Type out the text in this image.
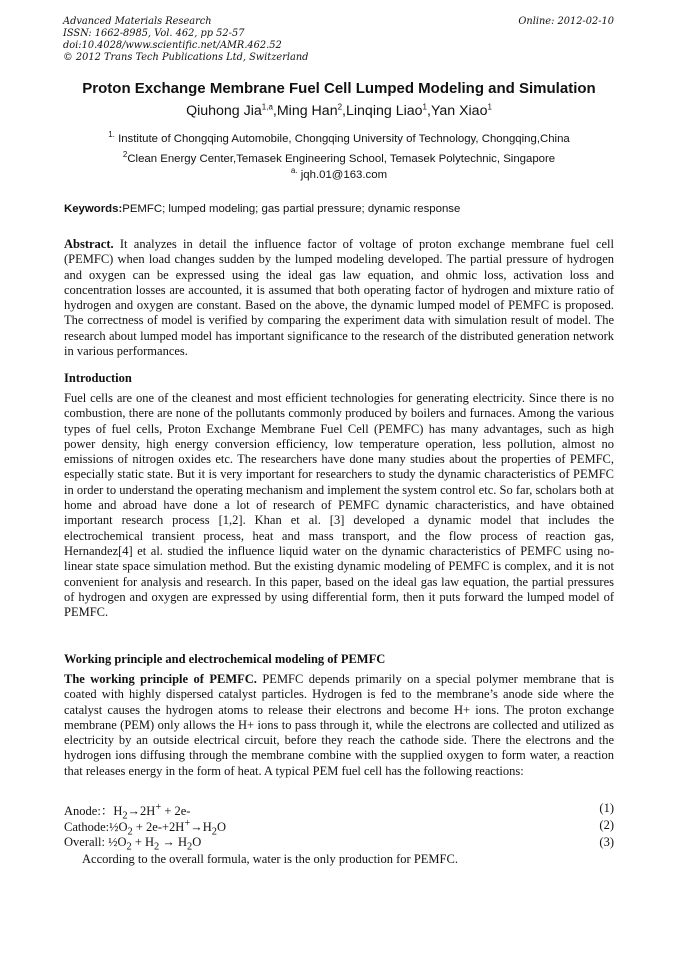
Advanced Materials Research
ISSN: 1662-8985, Vol. 462, pp 52-57
doi:10.4028/www.scientific.net/AMR.462.52
© 2012 Trans Tech Publications Ltd, Switzerland
Online: 2012-02-10
Proton Exchange Membrane Fuel Cell Lumped Modeling and Simulation
Qiuhong Jia$^{1,a}$,Ming Han$^2$,Linqing Liao$^1$,Yan Xiao$^1$
$^{1.}$ Institute of Chongqing Automobile, Chongqing University of Technology, Chongqing,China
$^2$Clean Energy Center,Temasek Engineering School, Temasek Polytechnic, Singapore
$^{a.}$ jqh.01@163.com
Keywords:PEMFC; lumped modeling; gas partial pressure; dynamic response
Abstract. It analyzes in detail the influence factor of voltage of proton exchange membrane fuel cell (PEMFC) when load changes sudden by the lumped modeling developed. The partial pressure of hydrogen and oxygen can be expressed using the ideal gas law equation, and ohmic loss, activation loss and concentration losses are accounted, it is assumed that both operating factor of hydrogen and mixture ratio of hydrogen and oxygen are constant. Based on the above, the dynamic lumped model of PEMFC is proposed. The correctness of model is verified by comparing the experiment data with simulation result of model. The research about lumped model has important significance to the research of the distributed generation network in various performances.
Introduction
Fuel cells are one of the cleanest and most efficient technologies for generating electricity. Since there is no combustion, there are none of the pollutants commonly produced by boilers and furnaces. Among the various types of fuel cells, Proton Exchange Membrane Fuel Cell (PEMFC) has many advantages, such as high power density, high energy conversion efficiency, low temperature operation, less pollution, almost no emissions of nitrogen oxides etc. The researchers have done many studies about the properties of PEMFC, especially static state. But it is very important for researchers to study the dynamic characteristics of PEMFC in order to understand the operating mechanism and implement the system control etc. So far, scholars both at home and abroad have done a lot of research of PEMFC dynamic characteristics, and have obtained important research process [1,2]. Khan et al. [3] developed a dynamic model that includes the electrochemical transient process, heat and mass transport, and the flow process of reaction gas, Hernandez[4] et al. studied the influence liquid water on the dynamic characteristics of PEMFC using no-linear state space simulation method. But the existing dynamic modeling of PEMFC is complex, and it is not convenient for analysis and research. In this paper, based on the ideal gas law equation, the partial pressures of hydrogen and oxygen are expressed by using differential form, then it puts forward the lumped model of PEMFC.
Working principle and electrochemical modeling of PEMFC
The working principle of PEMFC. PEMFC depends primarily on a special polymer membrane that is coated with highly dispersed catalyst particles. Hydrogen is fed to the membrane’s anode side where the catalyst causes the hydrogen atoms to release their electrons and become H+ ions. The proton exchange membrane (PEM) only allows the H+ ions to pass through it, while the electrons are collected and utilized as electricity by an outside electrical circuit, before they reach the cathode side. There the electrons and the hydrogen ions diffusing through the membrane combine with the supplied oxygen to form water, a reaction that releases energy in the form of heat. A typical PEM fuel cell has the following reactions:
Anode:：$H_2\to 2H^+ + 2e-$	(1)
$Cathode:\frac{1}{2}O_2 + 2e-+2H^+\to H_2O$	(2)
Overall: $\frac{1}{2}O_2 + H_2 \to H_2O$	(3)
According to the overall formula, water is the only production for PEMFC.
